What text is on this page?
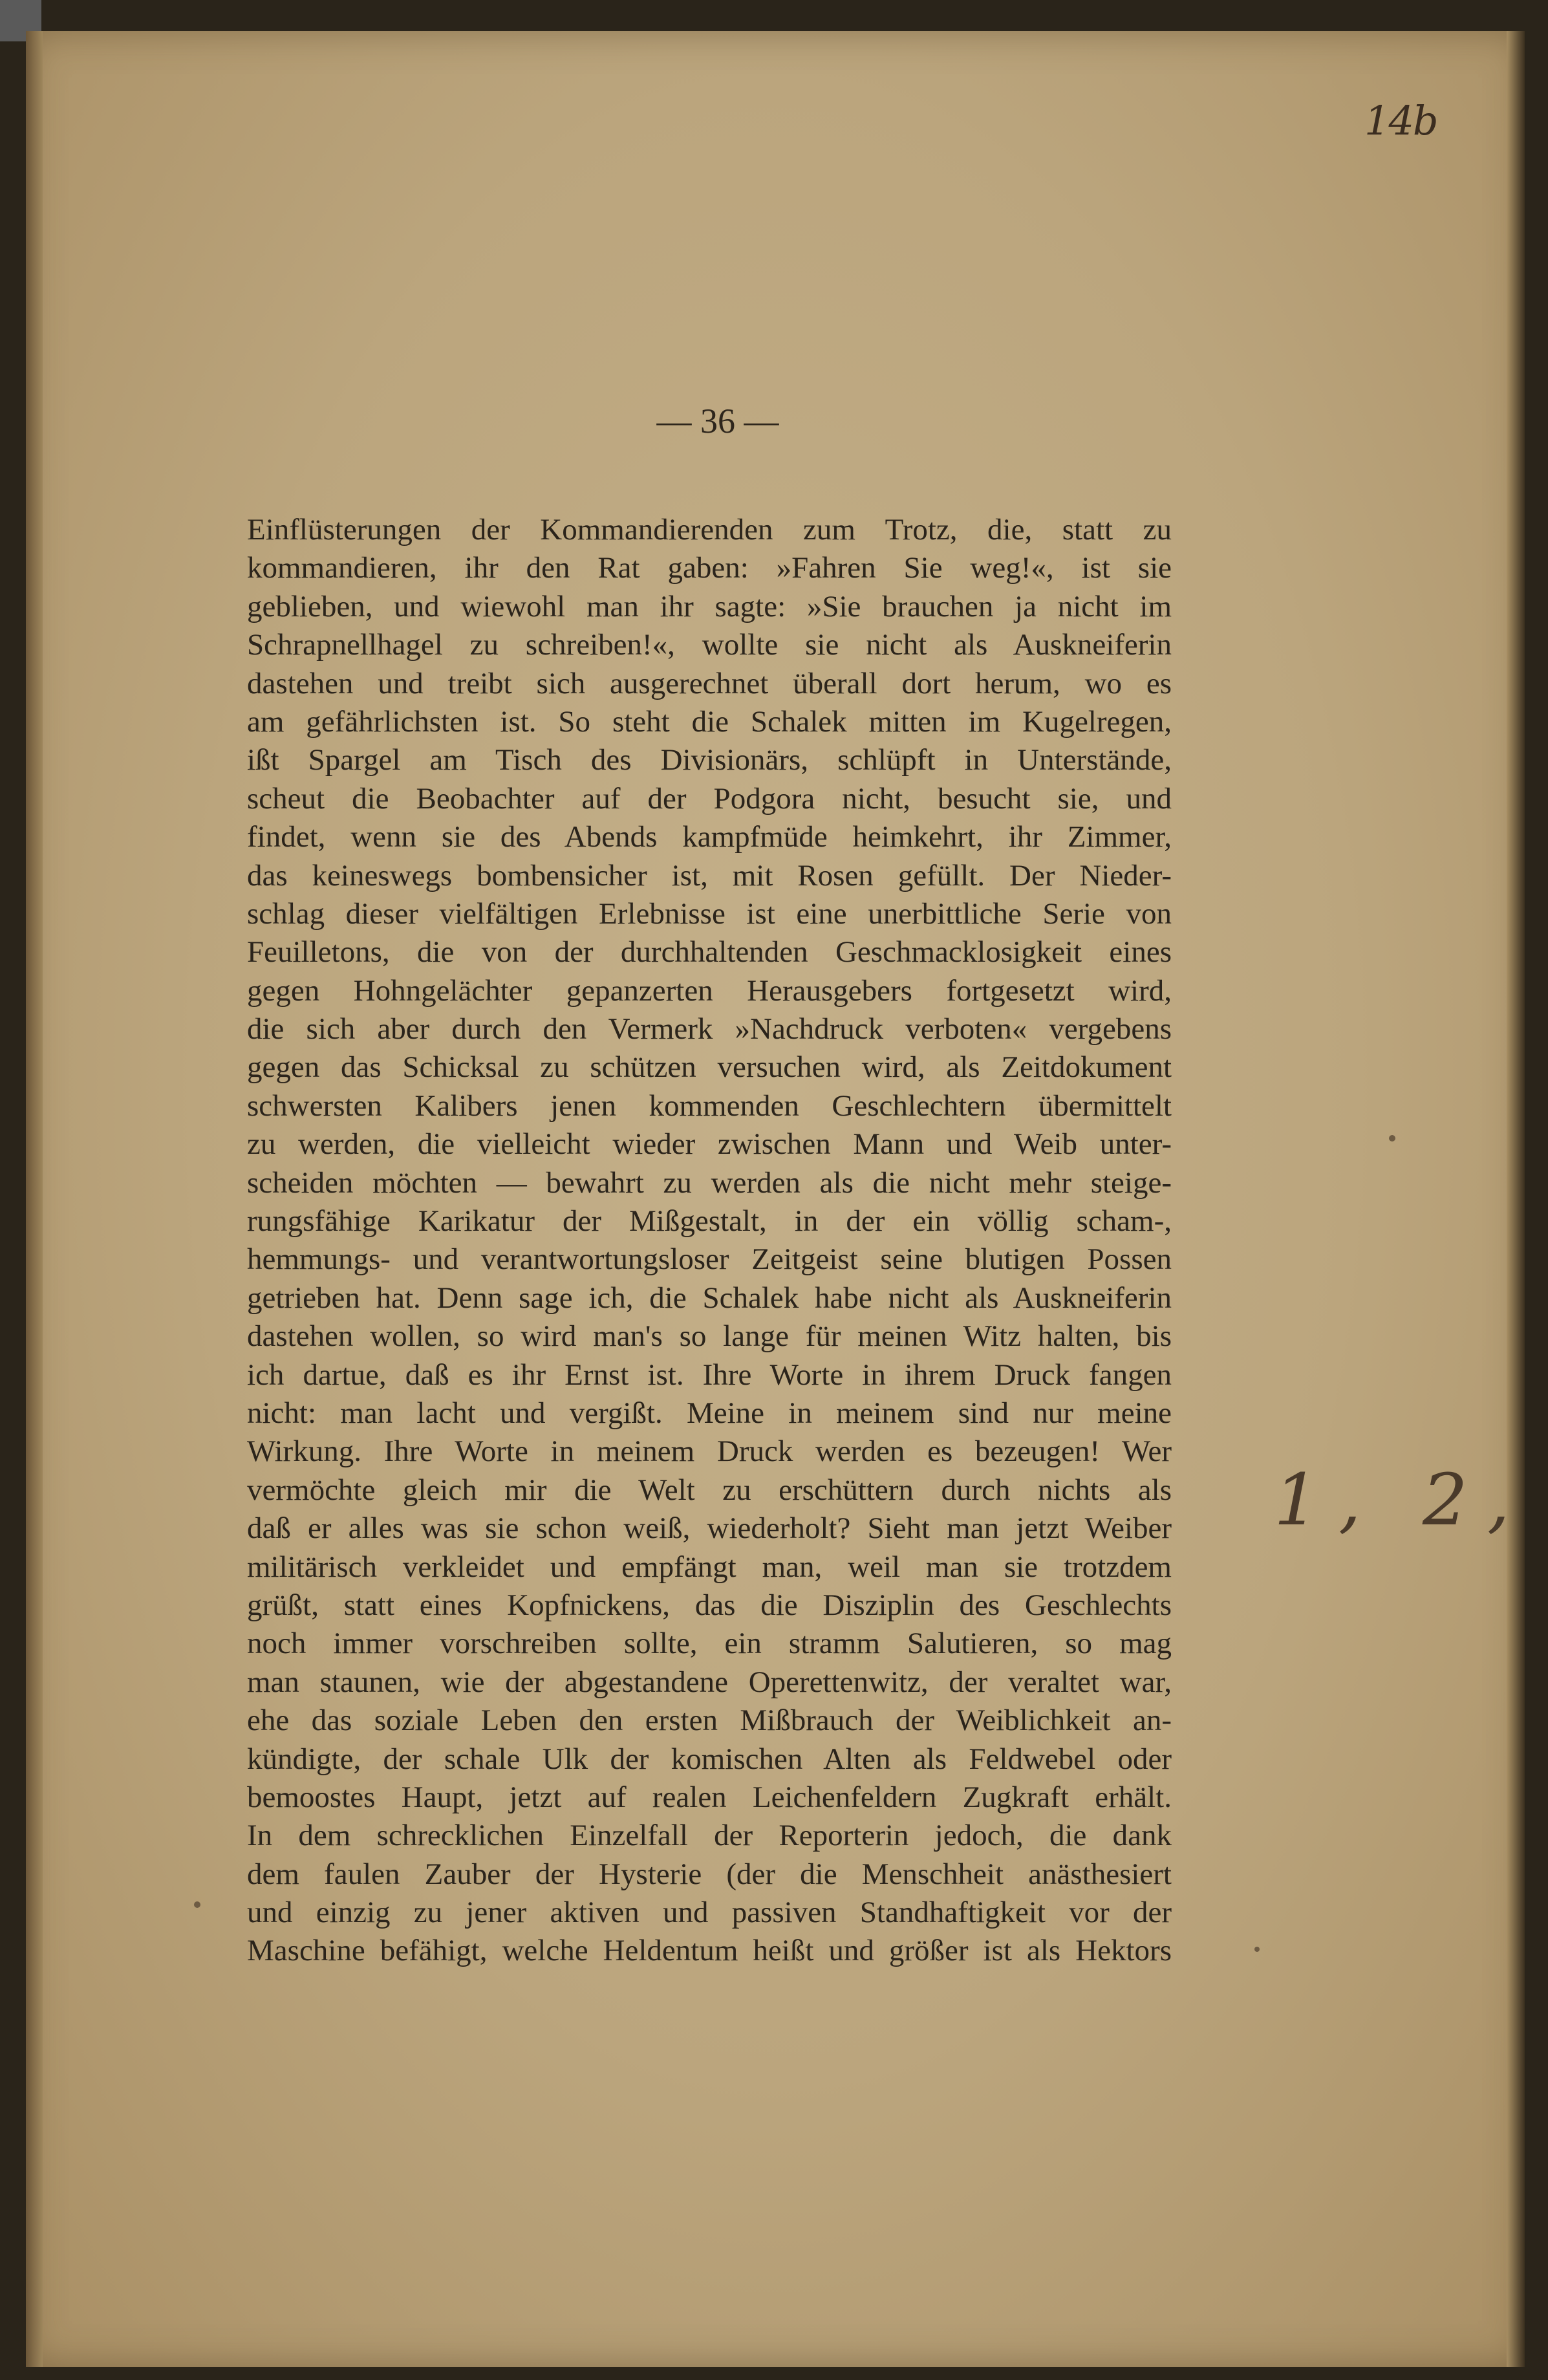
14b
— 36 —
Einflüsterungen der Kommandierenden zum Trotz, die, statt zu
kommandieren, ihr den Rat gaben: »Fahren Sie weg!«, ist sie
geblieben, und wiewohl man ihr sagte: »Sie brauchen ja nicht im
Schrapnellhagel zu schreiben!«, wollte sie nicht als Auskneiferin
dastehen und treibt sich ausgerechnet überall dort herum, wo es
am gefährlichsten ist. So steht die Schalek mitten im Kugelregen,
ißt Spargel am Tisch des Divisionärs, schlüpft in Unterstände,
scheut die Beobachter auf der Podgora nicht, besucht sie, und
findet, wenn sie des Abends kampfmüde heimkehrt, ihr Zimmer,
das keineswegs bombensicher ist, mit Rosen gefüllt. Der Nieder-
schlag dieser vielfältigen Erlebnisse ist eine unerbittliche Serie von
Feuilletons, die von der durchhaltenden Geschmacklosigkeit eines
gegen Hohngelächter gepanzerten Herausgebers fortgesetzt wird,
die sich aber durch den Vermerk »Nachdruck verboten« vergebens
gegen das Schicksal zu schützen versuchen wird, als Zeitdokument
schwersten Kalibers jenen kommenden Geschlechtern übermittelt
zu werden, die vielleicht wieder zwischen Mann und Weib unter-
scheiden möchten — bewahrt zu werden als die nicht mehr steige-
rungsfähige Karikatur der Mißgestalt, in der ein völlig scham-,
hemmungs- und verantwortungsloser Zeitgeist seine blutigen Possen
getrieben hat. Denn sage ich, die Schalek habe nicht als Auskneiferin
dastehen wollen, so wird man's so lange für meinen Witz halten, bis
ich dartue, daß es ihr Ernst ist. Ihre Worte in ihrem Druck fangen
nicht: man lacht und vergißt. Meine in meinem sind nur meine
Wirkung. Ihre Worte in meinem Druck werden es bezeugen! Wer
vermöchte gleich mir die Welt zu erschüttern durch nichts als
daß er alles was sie schon weiß, wiederholt? Sieht man jetzt Weiber
militärisch verkleidet und empfängt man, weil man sie trotzdem
grüßt, statt eines Kopfnickens, das die Disziplin des Geschlechts
noch immer vorschreiben sollte, ein stramm Salutieren, so mag
man staunen, wie der abgestandene Operettenwitz, der veraltet war,
ehe das soziale Leben den ersten Mißbrauch der Weiblichkeit an-
kündigte, der schale Ulk der komischen Alten als Feldwebel oder
bemoostes Haupt, jetzt auf realen Leichenfeldern Zugkraft erhält.
In dem schrecklichen Einzelfall der Reporterin jedoch, die dank
dem faulen Zauber der Hysterie (der die Menschheit anästhesiert
und einzig zu jener aktiven und passiven Standhaftigkeit vor der
Maschine befähigt, welche Heldentum heißt und größer ist als Hektors
1, 2,
